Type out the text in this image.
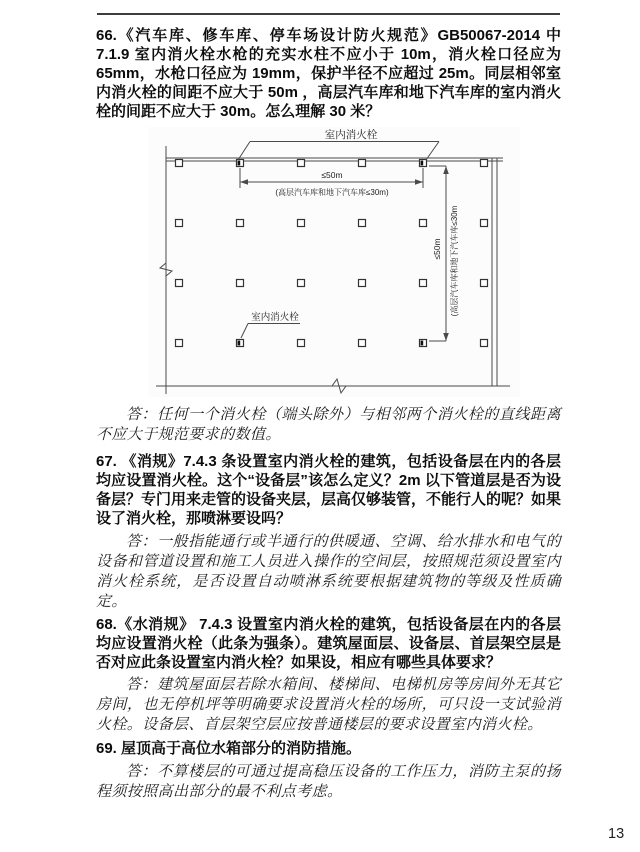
66.《汽车库、修车库、停车场设计防火规范》GB50067-2014 中 7.1.9 室内消火栓水枪的充实水柱不应小于 10m，消火栓口径应为 65mm，水枪口径应为 19mm，保护半径不应超过 25m。同层相邻室内消火栓的间距不应大于 50m ，高层汽车库和地下汽车库的室内消火栓的间距不应大于 30m。怎么理解 30 米？

室内消火栓
≤50m
(高层汽车库和地下汽车库≤30m)
≤50m (高层汽车库和地下汽车库≤30m
室内消火栓

答：任何一个消火栓（端头除外）与相邻两个消火栓的直线距离不应大于规范要求的数值。

67. 《消规》7.4.3 条设置室内消火栓的建筑，包括设备层在内的各层均应设置消火栓。这个“设备层”该怎么定义？2m 以下管道层是否为设备层？专门用来走管的设备夹层，层高仅够装管，不能行人的呢？如果设了消火栓，那喷淋要设吗？

答：一般指能通行或半通行的供暖通、空调、给水排水和电气的设备和管道设置和施工人员进入操作的空间层，按照规范须设置室内消火栓系统，是否设置自动喷淋系统要根据建筑物的等级及性质确定。

68.《水消规》 7.4.3 设置室内消火栓的建筑，包括设备层在内的各层均应设置消火栓（此条为强条）。建筑屋面层、设备层、首层架空层是否对应此条设置室内消火栓？如果设，相应有哪些具体要求？

答：建筑屋面层若除水箱间、楼梯间、电梯机房等房间外无其它房间，也无停机坪等明确要求设置消火栓的场所，可只设一支试验消火栓。设备层、首层架空层应按普通楼层的要求设置室内消火栓。

69. 屋顶高于高位水箱部分的消防措施。

答：不算楼层的可通过提高稳压设备的工作压力，消防主泵的扬程须按照高出部分的最不利点考虑。

13
